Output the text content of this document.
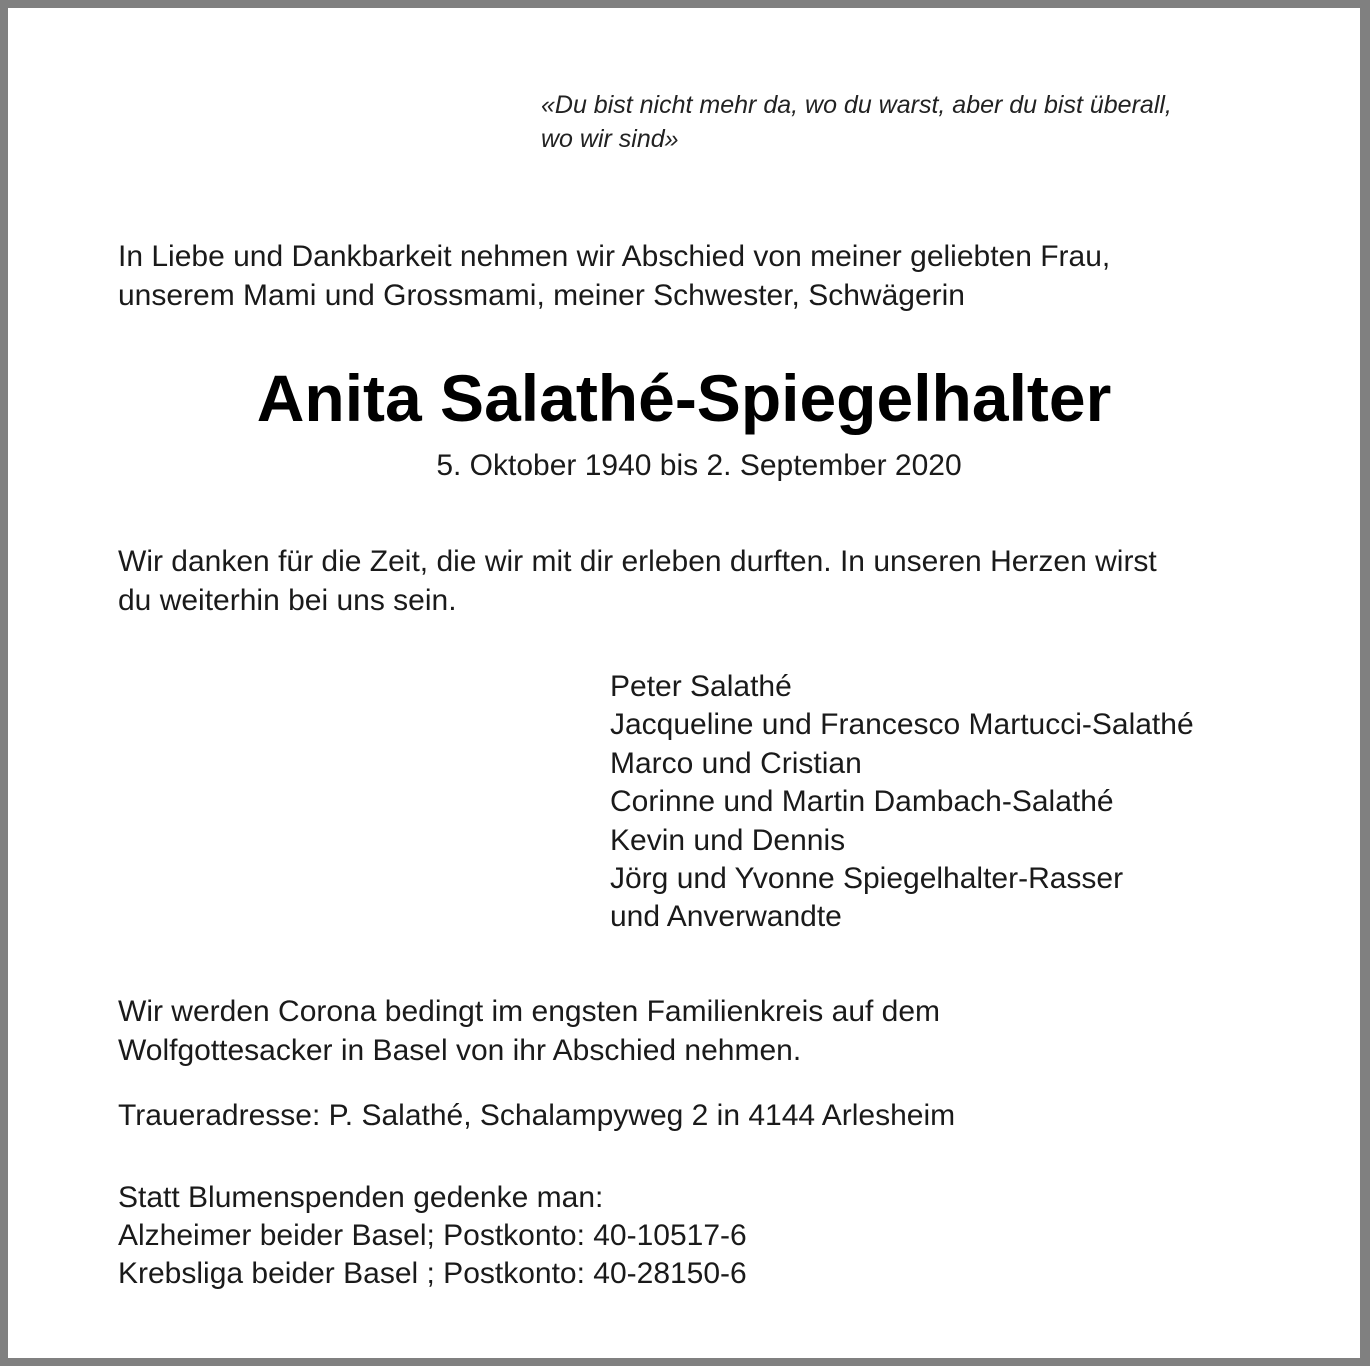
«Du bist nicht mehr da, wo du warst, aber du bist überall,
wo wir sind»
In Liebe und Dankbarkeit nehmen wir Abschied von meiner geliebten Frau,
unserem Mami und Grossmami, meiner Schwester, Schwägerin
Anita Salathé-Spiegelhalter
5. Oktober 1940 bis 2. September 2020
Wir danken für die Zeit, die wir mit dir erleben durften. In unseren Herzen wirst
du weiterhin bei uns sein.
Peter Salathé
Jacqueline und Francesco Martucci-Salathé
Marco und Cristian
Corinne und Martin Dambach-Salathé
Kevin und Dennis
Jörg und Yvonne Spiegelhalter-Rasser
und Anverwandte
Wir werden Corona bedingt im engsten Familienkreis auf dem
Wolfgottesacker in Basel von ihr Abschied nehmen.
Traueradresse: P. Salathé, Schalampyweg 2 in 4144 Arlesheim
Statt Blumenspenden gedenke man:
Alzheimer beider Basel; Postkonto: 40-10517-6
Krebsliga beider Basel ; Postkonto: 40-28150-6
